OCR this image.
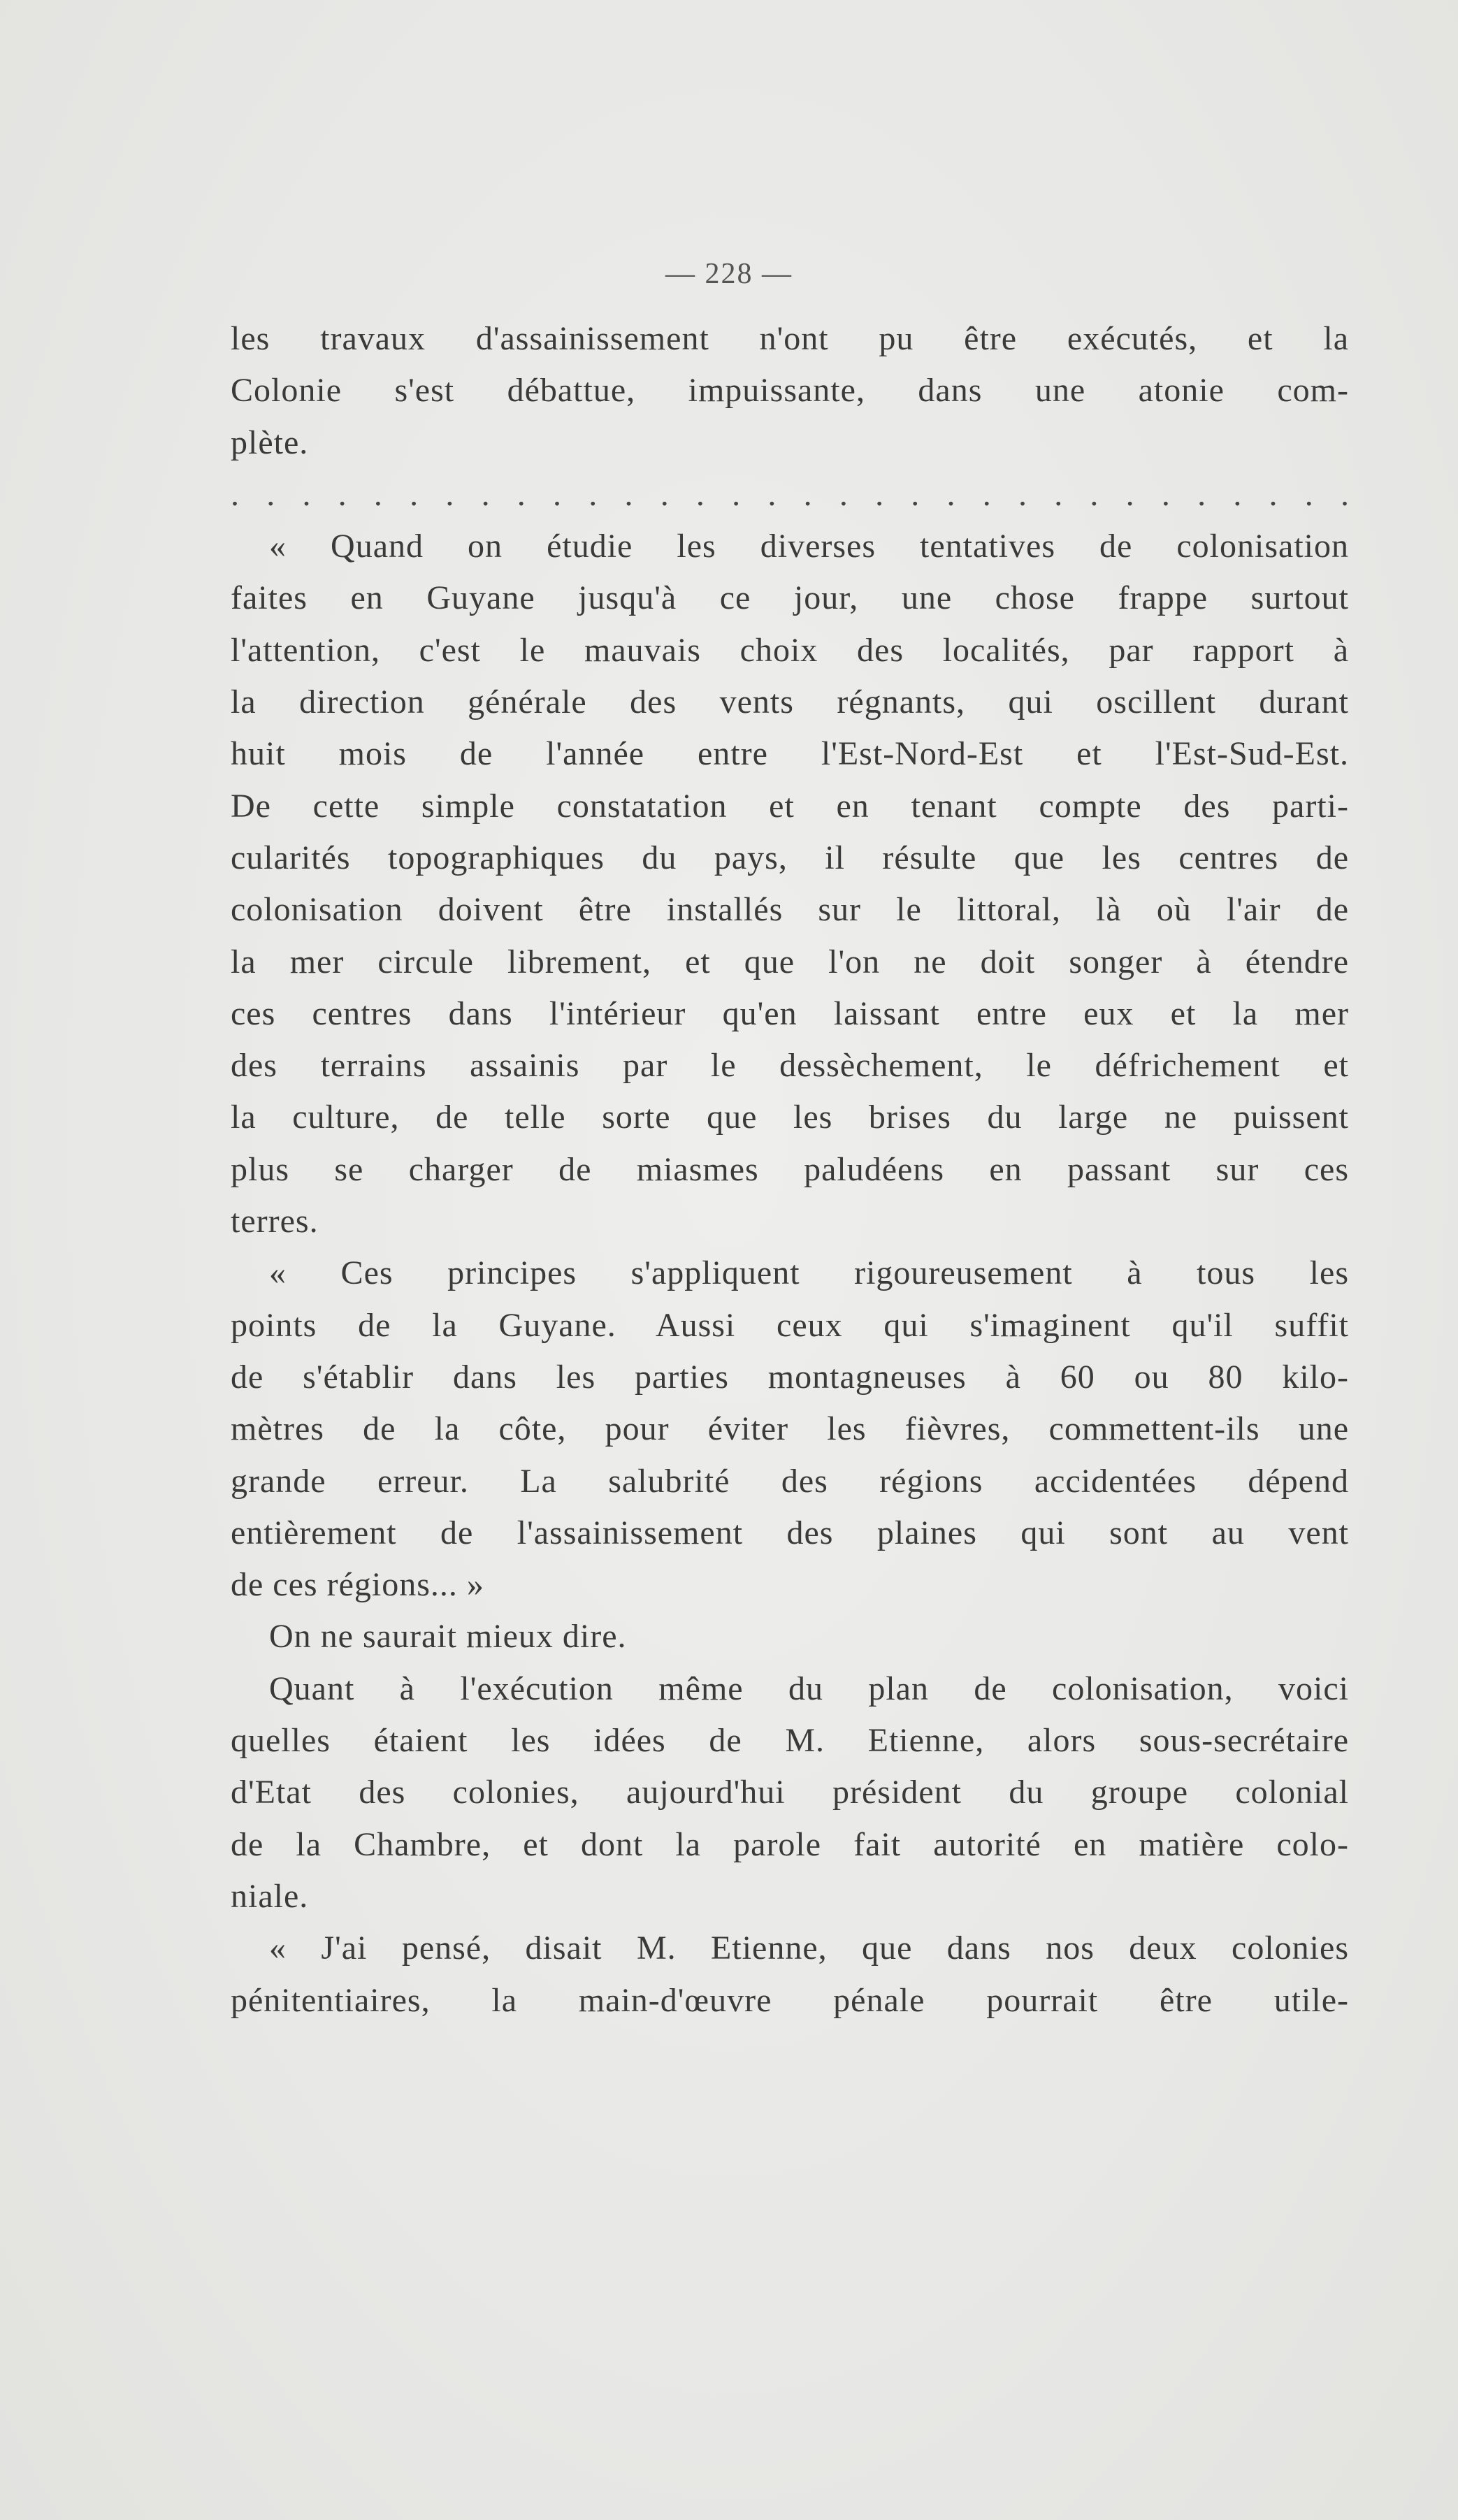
— 228 —
les travaux d'assainissement n'ont pu être exécutés, et la
Colonie s'est débattue, impuissante, dans une atonie com-
plète.
. . . . . . . . . . . . . . . . . . . . . . . . . . . . . . . .
« Quand on étudie les diverses tentatives de colonisation
faites en Guyane jusqu'à ce jour, une chose frappe surtout
l'attention, c'est le mauvais choix des localités, par rapport à
la direction générale des vents régnants, qui oscillent durant
huit mois de l'année entre l'Est-Nord-Est et l'Est-Sud-Est.
De cette simple constatation et en tenant compte des parti-
cularités topographiques du pays, il résulte que les centres de
colonisation doivent être installés sur le littoral, là où l'air de
la mer circule librement, et que l'on ne doit songer à étendre
ces centres dans l'intérieur qu'en laissant entre eux et la mer
des terrains assainis par le dessèchement, le défrichement et
la culture, de telle sorte que les brises du large ne puissent
plus se charger de miasmes paludéens en passant sur ces
terres.
« Ces principes s'appliquent rigoureusement à tous les
points de la Guyane. Aussi ceux qui s'imaginent qu'il suffit
de s'établir dans les parties montagneuses à 60 ou 80 kilo-
mètres de la côte, pour éviter les fièvres, commettent-ils une
grande erreur. La salubrité des régions accidentées dépend
entièrement de l'assainissement des plaines qui sont au vent
de ces régions... »
On ne saurait mieux dire.
Quant à l'exécution même du plan de colonisation, voici
quelles étaient les idées de M. Etienne, alors sous-secrétaire
d'Etat des colonies, aujourd'hui président du groupe colonial
de la Chambre, et dont la parole fait autorité en matière colo-
niale.
« J'ai pensé, disait M. Etienne, que dans nos deux colonies
pénitentiaires, la main-d'œuvre pénale pourrait être utile-
